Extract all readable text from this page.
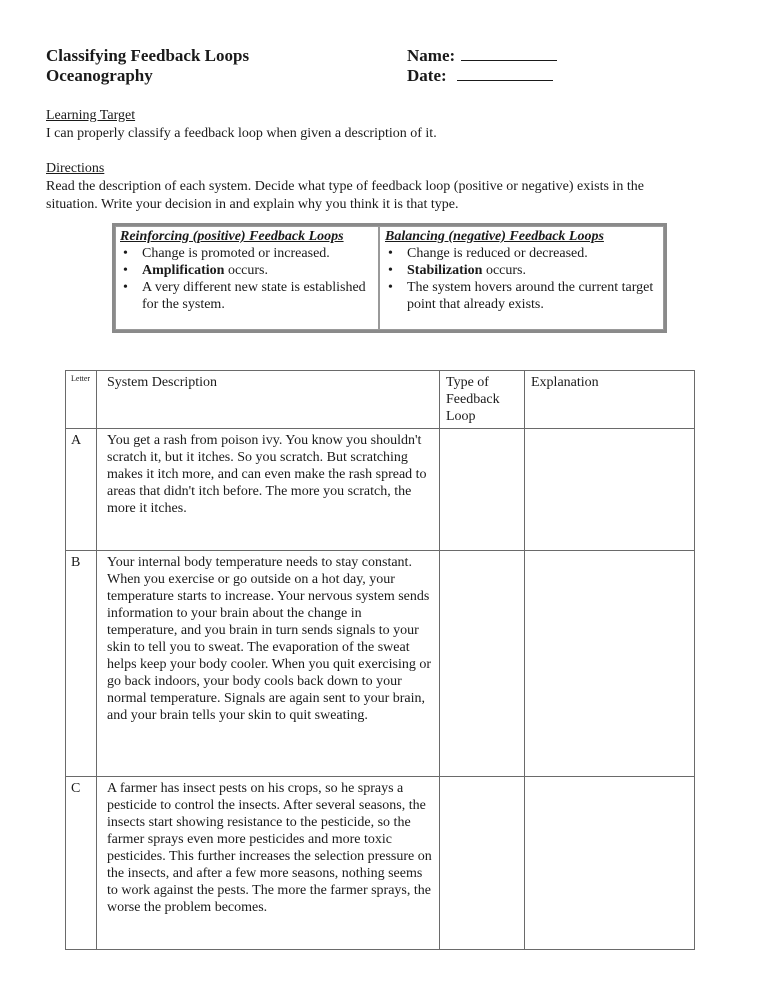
Classifying Feedback Loops
Oceanography
Name:
Date:
Learning Target
I can properly classify a feedback loop when given a description of it.
Directions
Read the description of each system. Decide what type of feedback loop (positive or negative) exists in the
situation. Write your decision in and explain why you think it is that type.
Reinforcing (positive) Feedback Loops
• Change is promoted or increased.
• Amplification occurs.
• A very different new state is established for the system.
Balancing (negative) Feedback Loops
• Change is reduced or decreased.
• Stabilization occurs.
• The system hovers around the current target point that already exists.
Letter	System Description	Type of Feedback Loop	Explanation
A	You get a rash from poison ivy. You know you shouldn't scratch it, but it itches. So you scratch. But scratching makes it itch more, and can even make the rash spread to areas that didn't itch before. The more you scratch, the more it itches.		
B	Your internal body temperature needs to stay constant. When you exercise or go outside on a hot day, your temperature starts to increase. Your nervous system sends information to your brain about the change in temperature, and you brain in turn sends signals to your skin to tell you to sweat. The evaporation of the sweat helps keep your body cooler. When you quit exercising or go back indoors, your body cools back down to your normal temperature. Signals are again sent to your brain, and your brain tells your skin to quit sweating.		
C	A farmer has insect pests on his crops, so he sprays a pesticide to control the insects. After several seasons, the insects start showing resistance to the pesticide, so the farmer sprays even more pesticides and more toxic pesticides. This further increases the selection pressure on the insects, and after a few more seasons, nothing seems to work against the pests. The more the farmer sprays, the worse the problem becomes.		
